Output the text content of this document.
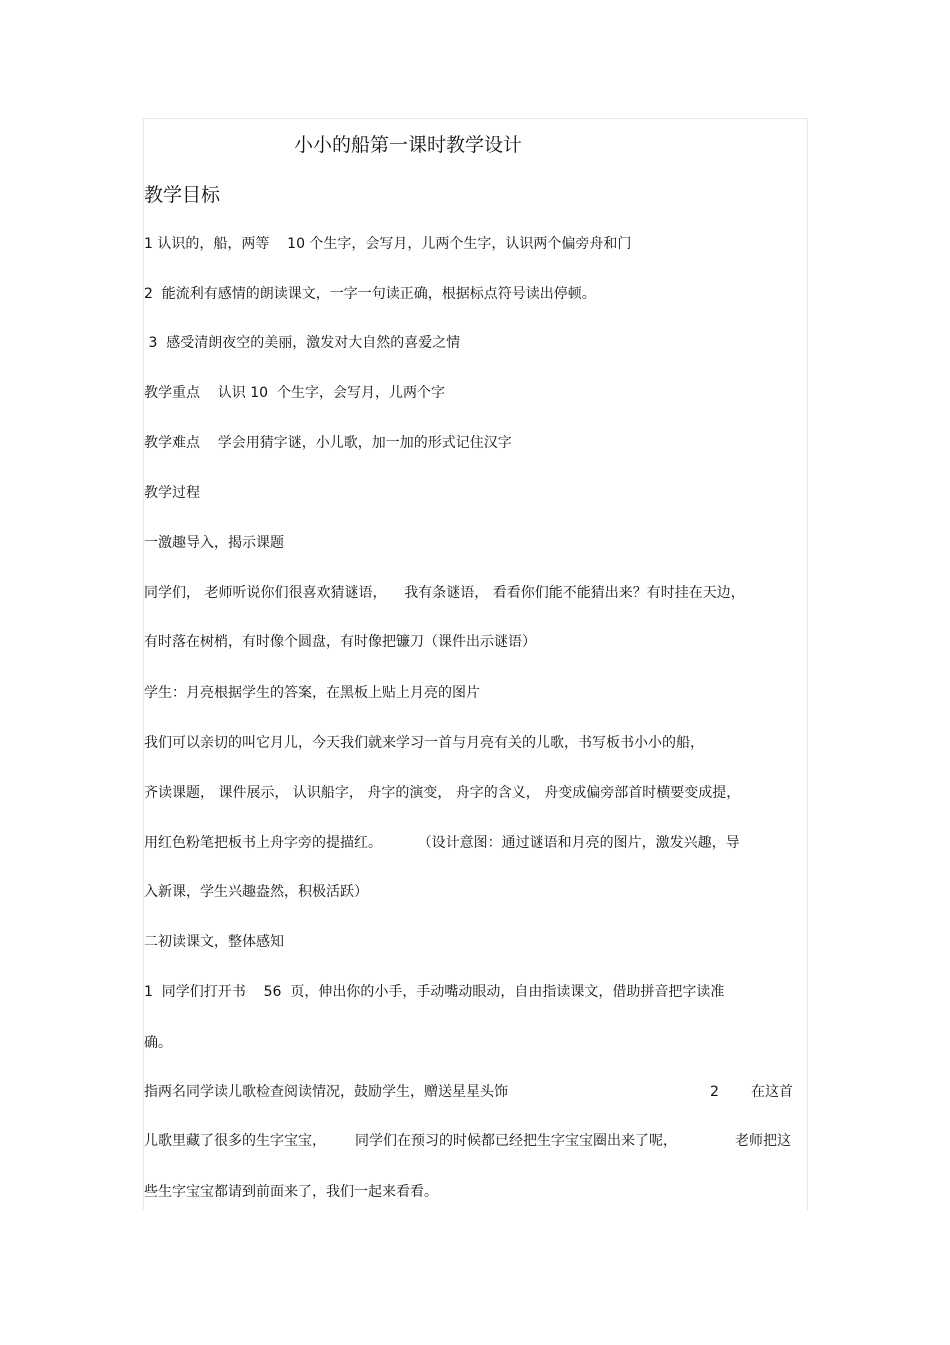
小小的船第一课时教学设计
教学目标

1 认识的，船，两等    10 个生字，会写月，儿两个生字，认识两个偏旁舟和门

2  能流利有感情的朗读课文，一字一句读正确，根据标点符号读出停顿。

3  感受清朗夜空的美丽，激发对大自然的喜爱之情

教学重点    认识 10  个生字，会写月，儿两个字

教学难点    学会用猜字谜，小儿歌，加一加的形式记住汉字

教学过程

一激趣导入，揭示课题

同学们， 老师听说你们很喜欢猜谜语，    我有条谜语， 看看你们能不能猜出来？有时挂在天边，

有时落在树梢，有时像个圆盘，有时像把镰刀（课件出示谜语）

学生：月亮根据学生的答案，在黑板上贴上月亮的图片

我们可以亲切的叫它月儿，今天我们就来学习一首与月亮有关的儿歌，书写板书小小的船，

齐读课题， 课件展示， 认识船字， 舟字的演变， 舟字的含义， 舟变成偏旁部首时横要变成提，

用红色粉笔把板书上舟字旁的提描红。        （设计意图：通过谜语和月亮的图片，激发兴趣，导

入新课，学生兴趣盎然，积极活跃）

二初读课文，整体感知

1  同学们打开书    56  页，伸出你的小手，手动嘴动眼动，自由指读课文，借助拼音把字读准

确。

指两名同学读儿歌检查阅读情况，鼓励学生，赠送星星头饰	2 在这首
儿歌里藏了很多的生字宝宝， 同学们在预习的时候都已经把生字宝宝圈出来了呢，	老师把这

些生字宝宝都请到前面来了，我们一起来看看。
